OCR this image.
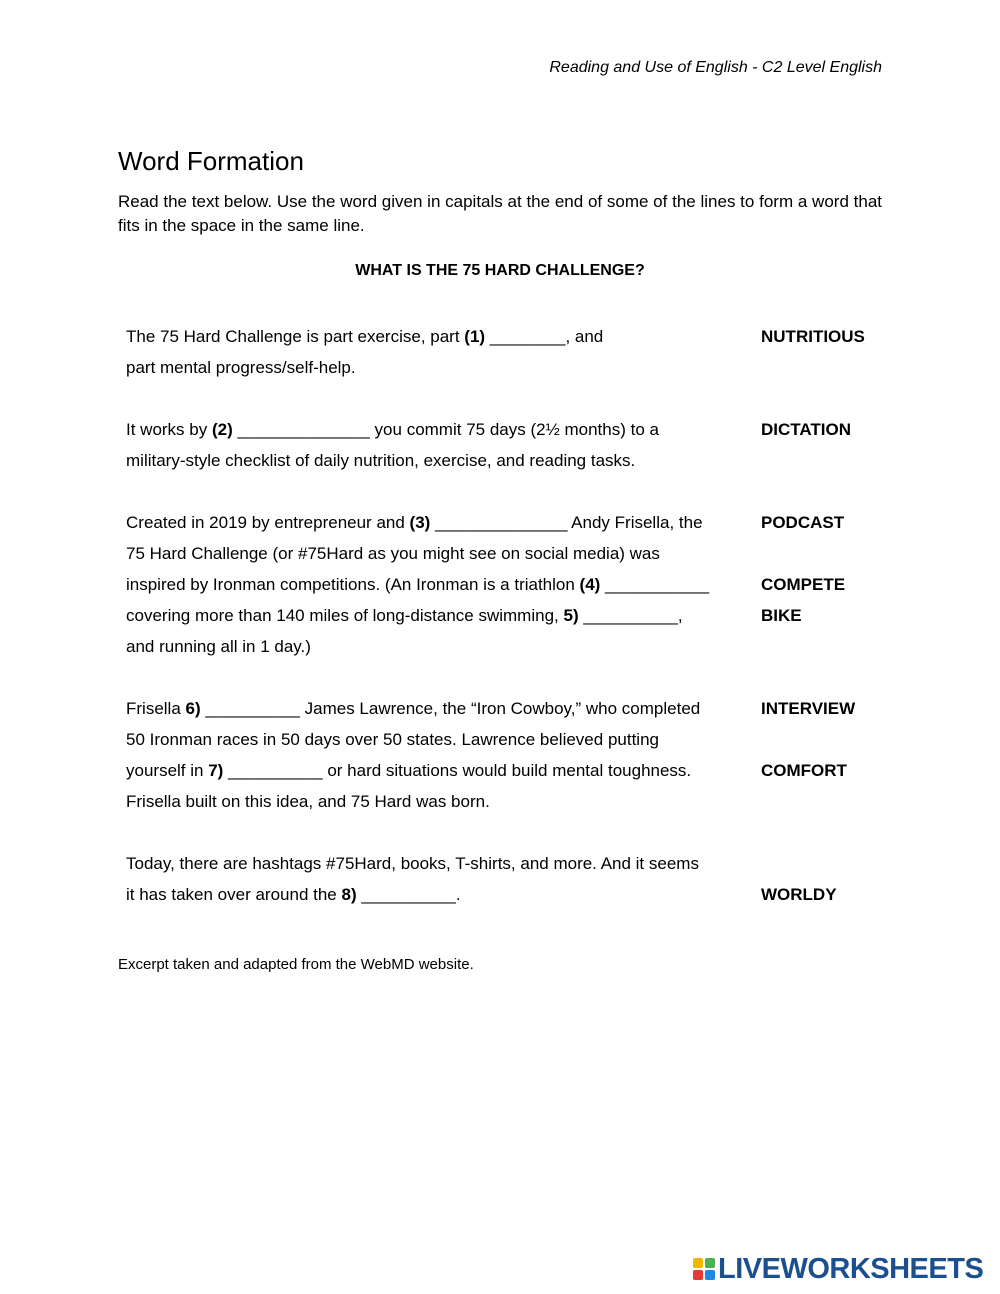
Reading and Use of English - C2 Level English
Word Formation

Read the text below. Use the word given in capitals at the end of some of the lines to form a word that fits in the space in the same line.

WHAT IS THE 75 HARD CHALLENGE?
The 75 Hard Challenge is part exercise, part (1) ________, and	NUTRITIOUS
part mental progress/self-help.
It works by (2) ______________ you commit 75 days (2½ months) to a	DICTATION
military-style checklist of daily nutrition, exercise, and reading tasks.
Created in 2019 by entrepreneur and (3) ______________ Andy Frisella, the	PODCAST
75 Hard Challenge (or #75Hard as you might see on social media) was
inspired by Ironman competitions. (An Ironman is a triathlon (4) ___________	COMPETE
covering more than 140 miles of long-distance swimming, 5) __________,	BIKE
and running all in 1 day.)
Frisella 6) __________ James Lawrence, the “Iron Cowboy,” who completed	INTERVIEW
50 Ironman races in 50 days over 50 states. Lawrence believed putting
yourself in 7) __________ or hard situations would build mental toughness.	COMFORT
Frisella built on this idea, and 75 Hard was born.
Today, there are hashtags #75Hard, books, T-shirts, and more. And it seems
it has taken over around the 8) __________.	WORLDY
Excerpt taken and adapted from the WebMD website.
LIVEWORKSHEETS
